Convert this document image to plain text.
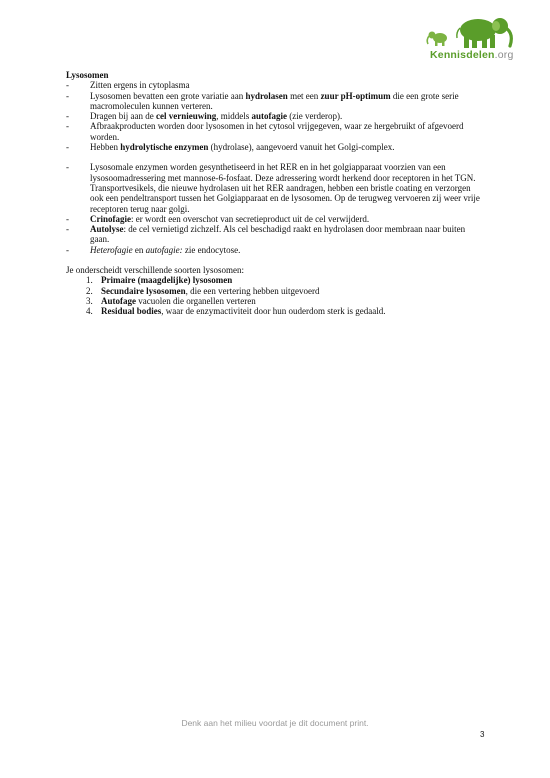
Kennisdelen.org

Lysosomen

- Zitten ergens in cytoplasma
- Lysosomen bevatten een grote variatie aan hydrolasen met een zuur pH-optimum die een grote serie macromoleculen kunnen verteren.
- Dragen bij aan de cel vernieuwing, middels autofagie (zie verderop).
- Afbraakproducten worden door lysosomen in het cytosol vrijgegeven, waar ze hergebruikt of afgevoerd worden.
- Hebben hydrolytische enzymen (hydrolase), aangevoerd vanuit het Golgi-complex.
- Lysosomale enzymen worden gesynthetiseerd in het RER en in het golgiapparaat voorzien van een lysosoomadressering met mannose-6-fosfaat. Deze adressering wordt herkend door receptoren in het TGN. Transportvesikels, die nieuwe hydrolasen uit het RER aandragen, hebben een bristle coating en verzorgen ook een pendeltransport tussen het Golgiapparaat en de lysosomen. Op de terugweg vervoeren zij weer vrije receptoren terug naar golgi.
- Crinofagie: er wordt een overschot van secretieproduct uit de cel verwijderd.
- Autolyse: de cel vernietigd zichzelf. Als cel beschadigd raakt en hydrolasen door membraan naar buiten gaan.
- Heterofagie en autofagie: zie endocytose.

Je onderscheidt verschillende soorten lysosomen:

1. Primaire (maagdelijke) lysosomen
2. Secundaire lysosomen, die een vertering hebben uitgevoerd
3. Autofage vacuolen die organellen verteren
4. Residual bodies, waar de enzymactiviteit door hun ouderdom sterk is gedaald.
Denk aan het milieu voordat je dit document print.
3
